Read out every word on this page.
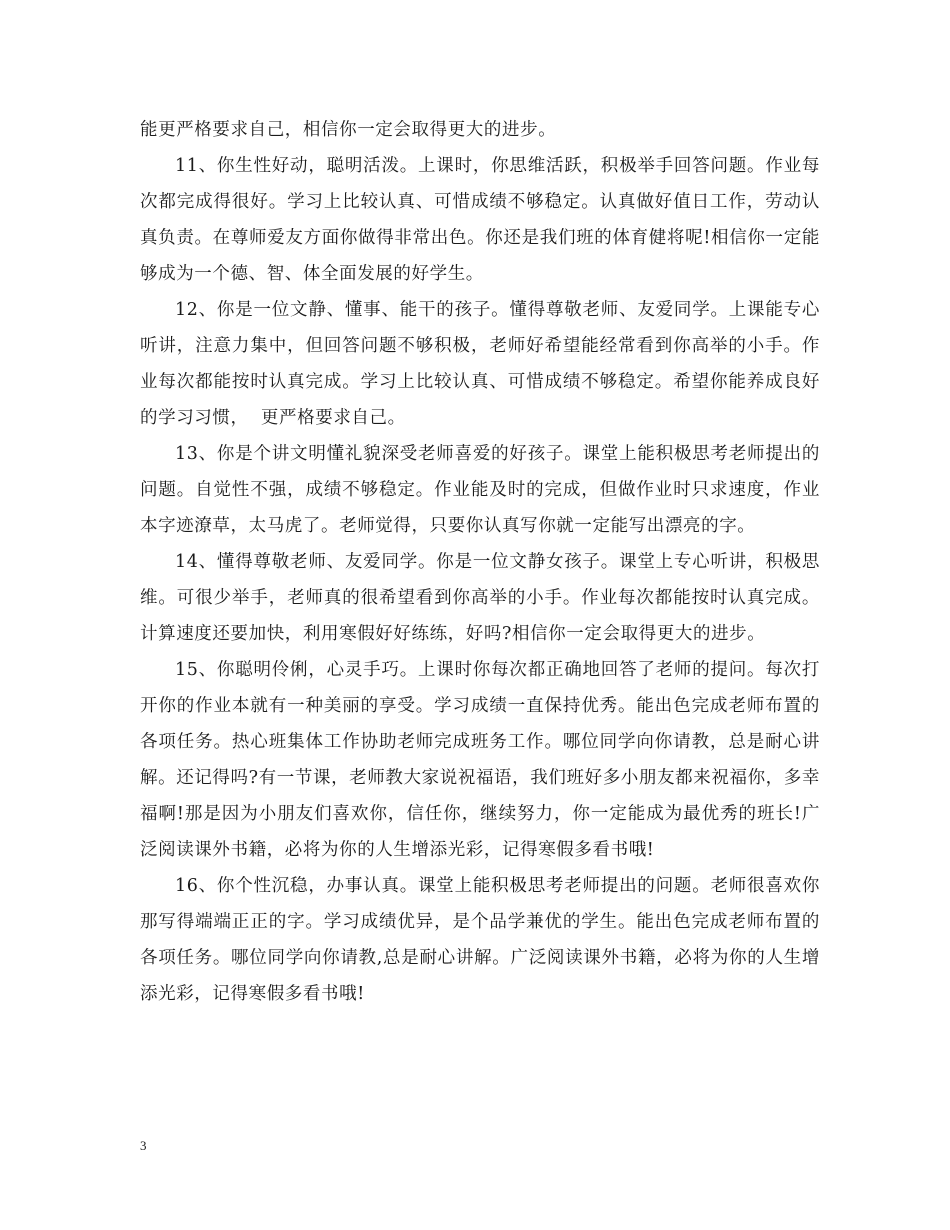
能更严格要求自己，相信你一定会取得更大的进步。

11、你生性好动，聪明活泼。上课时，你思维活跃，积极举手回答问题。作业每次都完成得很好。学习上比较认真、可惜成绩不够稳定。认真做好值日工作，劳动认真负责。在尊师爱友方面你做得非常出色。你还是我们班的体育健将呢!相信你一定能够成为一个德、智、体全面发展的好学生。

12、你是一位文静、懂事、能干的孩子。懂得尊敬老师、友爱同学。上课能专心听讲，注意力集中，但回答问题不够积极，老师好希望能经常看到你高举的小手。作业每次都能按时认真完成。学习上比较认真、可惜成绩不够稳定。希望你能养成良好的学习习惯，  更严格要求自己。

13、你是个讲文明懂礼貌深受老师喜爱的好孩子。课堂上能积极思考老师提出的问题。自觉性不强，成绩不够稳定。作业能及时的完成，但做作业时只求速度，作业本字迹潦草，太马虎了。老师觉得，只要你认真写你就一定能写出漂亮的字。

14、懂得尊敬老师、友爱同学。你是一位文静女孩子。课堂上专心听讲，积极思维。可很少举手，老师真的很希望看到你高举的小手。作业每次都能按时认真完成。计算速度还要加快，利用寒假好好练练，好吗?相信你一定会取得更大的进步。

15、你聪明伶俐，心灵手巧。上课时你每次都正确地回答了老师的提问。每次打开你的作业本就有一种美丽的享受。学习成绩一直保持优秀。能出色完成老师布置的各项任务。热心班集体工作协助老师完成班务工作。哪位同学向你请教，总是耐心讲解。还记得吗?有一节课，老师教大家说祝福语，我们班好多小朋友都来祝福你，多幸福啊!那是因为小朋友们喜欢你，信任你，继续努力，你一定能成为最优秀的班长!广泛阅读课外书籍，必将为你的人生增添光彩，记得寒假多看书哦!

16、你个性沉稳，办事认真。课堂上能积极思考老师提出的问题。老师很喜欢你那写得端端正正的字。学习成绩优异，是个品学兼优的学生。能出色完成老师布置的各项任务。哪位同学向你请教,总是耐心讲解。广泛阅读课外书籍，必将为你的人生增添光彩，记得寒假多看书哦!

3
